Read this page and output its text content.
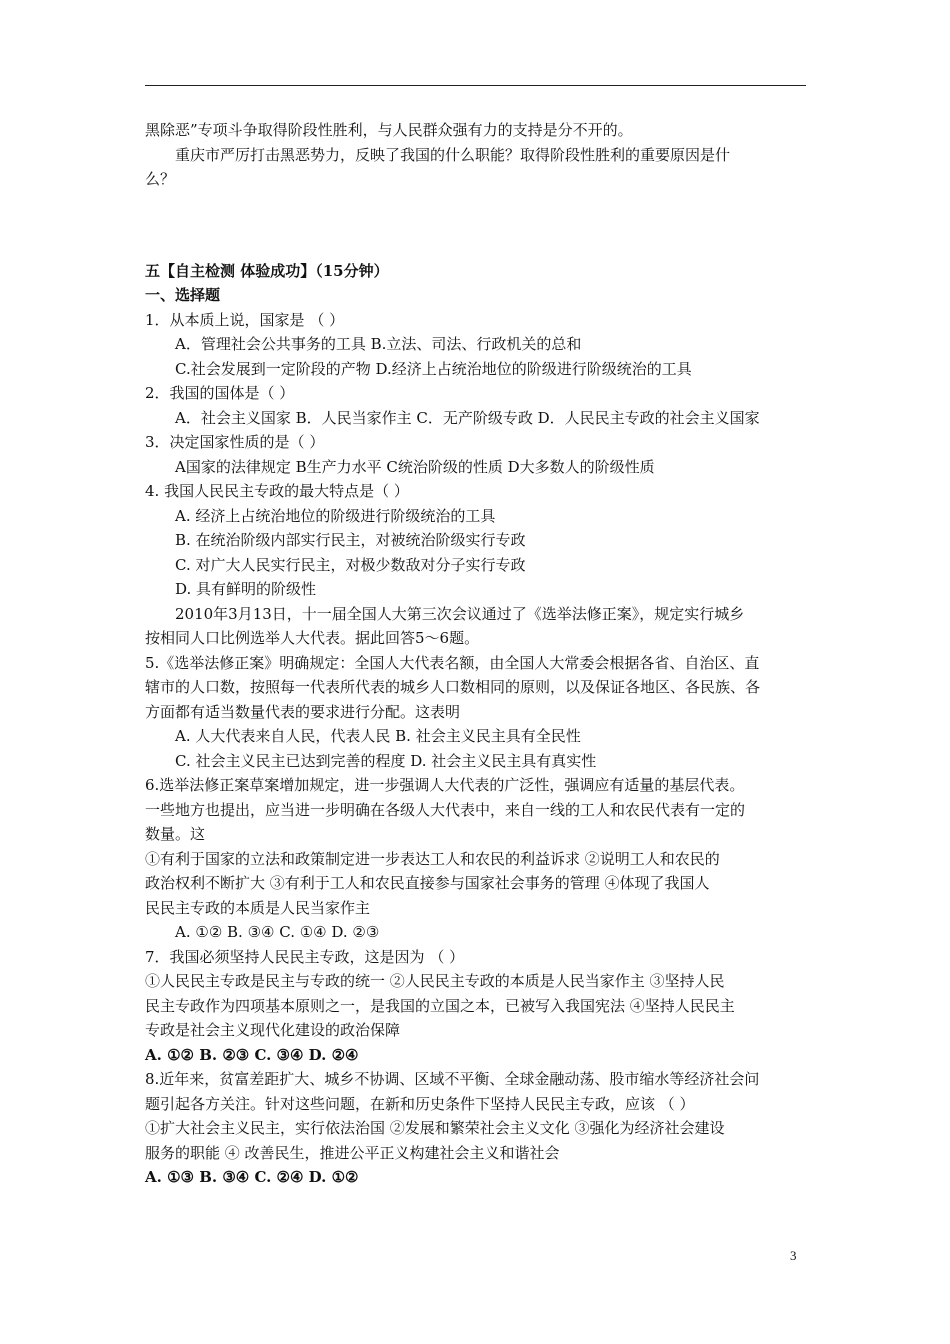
黑除恶”专项斗争取得阶段性胜利，与人民群众强有力的支持是分不开的。

重庆市严厉打击黑恶势力，反映了我国的什么职能？取得阶段性胜利的重要原因是什

么？

五【自主检测 体验成功】（15分钟）

一、选择题

1．从本质上说，国家是 （ ）

A．管理社会公共事务的工具 B.立法、司法、行政机关的总和

C.社会发展到一定阶段的产物 D.经济上占统治地位的阶级进行阶级统治的工具

2．我国的国体是（ ）

A．社会主义国家 B．人民当家作主 C．无产阶级专政 D．人民民主专政的社会主义国家

3．决定国家性质的是（ ）

A国家的法律规定 B生产力水平 C统治阶级的性质 D大多数人的阶级性质

4. 我国人民民主专政的最大特点是（ ）

A. 经济上占统治地位的阶级进行阶级统治的工具

B. 在统治阶级内部实行民主，对被统治阶级实行专政

C. 对广大人民实行民主，对极少数敌对分子实行专政

D. 具有鲜明的阶级性

2010年3月13日，十一届全国人大第三次会议通过了《选举法修正案》，规定实行城乡

按相同人口比例选举人大代表。据此回答5～6题。

5.《选举法修正案》明确规定：全国人大代表名额，由全国人大常委会根据各省、自治区、直

辖市的人口数，按照每一代表所代表的城乡人口数相同的原则，以及保证各地区、各民族、各

方面都有适当数量代表的要求进行分配。这表明

A. 人大代表来自人民，代表人民 B. 社会主义民主具有全民性

C. 社会主义民主已达到完善的程度 D. 社会主义民主具有真实性

6.选举法修正案草案增加规定，进一步强调人大代表的广泛性，强调应有适量的基层代表。

一些地方也提出，应当进一步明确在各级人大代表中，来自一线的工人和农民代表有一定的

数量。这

①有利于国家的立法和政策制定进一步表达工人和农民的利益诉求 ②说明工人和农民的

政治权利不断扩大 ③有利于工人和农民直接参与国家社会事务的管理 ④体现了我国人

民民主专政的本质是人民当家作主

A. ①② B. ③④ C. ①④ D. ②③

7．我国必须坚持人民民主专政，这是因为 （ ）

①人民民主专政是民主与专政的统一 ②人民民主专政的本质是人民当家作主 ③坚持人民

民主专政作为四项基本原则之一，是我国的立国之本，已被写入我国宪法 ④坚持人民民主

专政是社会主义现代化建设的政治保障

A. ①② B. ②③ C. ③④ D. ②④

8.近年来，贫富差距扩大、城乡不协调、区域不平衡、全球金融动荡、股市缩水等经济社会问

题引起各方关注。针对这些问题，在新和历史条件下坚持人民民主专政，应该 （ ）

①扩大社会主义民主，实行依法治国 ②发展和繁荣社会主义文化 ③强化为经济社会建设

服务的职能 ④ 改善民生，推进公平正义构建社会主义和谐社会

A. ①③ B. ③④ C. ②④ D. ①②

3
